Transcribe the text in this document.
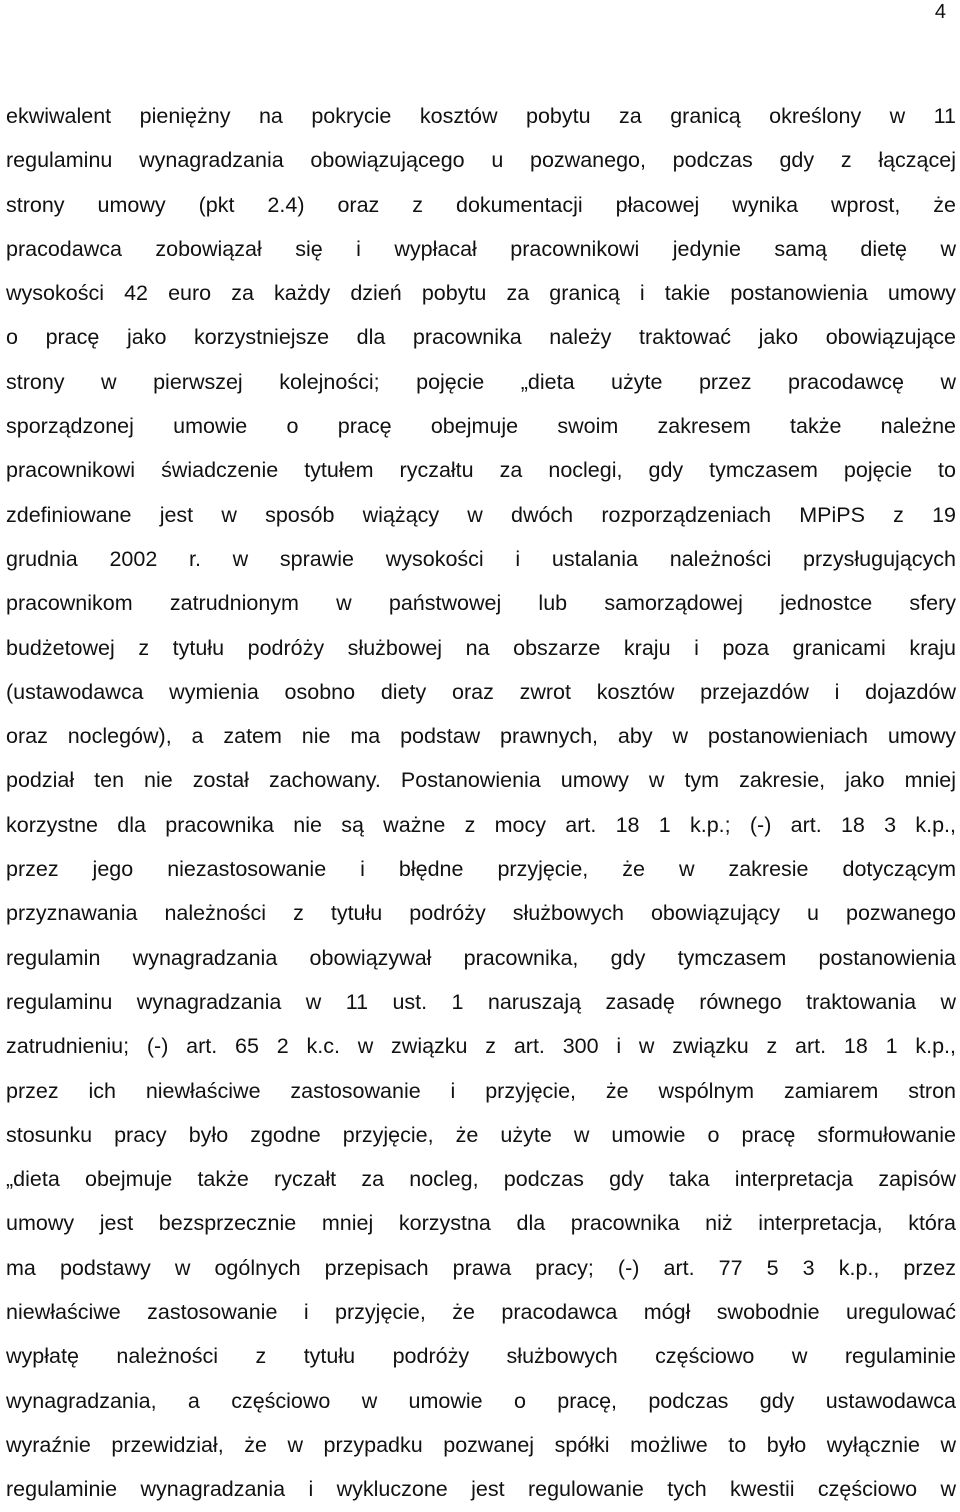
4
ekwiwalent pieniężny na pokrycie kosztów pobytu za granicą określony w 11
regulaminu wynagradzania obowiązującego u pozwanego, podczas gdy z łączącej
strony umowy (pkt 2.4) oraz z dokumentacji płacowej wynika wprost, że
pracodawca zobowiązał się i wypłacał pracownikowi jedynie samą dietę w
wysokości 42 euro za każdy dzień pobytu za granicą i takie postanowienia umowy
o pracę jako korzystniejsze dla pracownika należy traktować jako obowiązujące
strony w pierwszej kolejności; pojęcie „dieta użyte przez pracodawcę w
sporządzonej umowie o pracę obejmuje swoim zakresem także należne
pracownikowi świadczenie tytułem ryczałtu za noclegi, gdy tymczasem pojęcie to
zdefiniowane jest w sposób wiążący w dwóch rozporządzeniach MPiPS z 19
grudnia 2002 r. w sprawie wysokości i ustalania należności przysługujących
pracownikom zatrudnionym w państwowej lub samorządowej jednostce sfery
budżetowej z tytułu podróży służbowej na obszarze kraju i poza granicami kraju
(ustawodawca wymienia osobno diety oraz zwrot kosztów przejazdów i dojazdów
oraz noclegów), a zatem nie ma podstaw prawnych, aby w postanowieniach umowy
podział ten nie został zachowany. Postanowienia umowy w tym zakresie, jako mniej
korzystne dla pracownika nie są ważne z mocy art. 18 1 k.p.; (-) art. 18 3 k.p.,
przez jego niezastosowanie i błędne przyjęcie, że w zakresie dotyczącym
przyznawania należności z tytułu podróży służbowych obowiązujący u pozwanego
regulamin wynagradzania obowiązywał pracownika, gdy tymczasem postanowienia
regulaminu wynagradzania w 11 ust. 1 naruszają zasadę równego traktowania w
zatrudnieniu; (-) art. 65 2 k.c. w związku z art. 300 i w związku z art. 18 1 k.p.,
przez ich niewłaściwe zastosowanie i przyjęcie, że wspólnym zamiarem stron
stosunku pracy było zgodne przyjęcie, że użyte w umowie o pracę sformułowanie
„dieta obejmuje także ryczałt za nocleg, podczas gdy taka interpretacja zapisów
umowy jest bezsprzecznie mniej korzystna dla pracownika niż interpretacja, która
ma podstawy w ogólnych przepisach prawa pracy; (-) art. 77 5 3 k.p., przez
niewłaściwe zastosowanie i przyjęcie, że pracodawca mógł swobodnie uregulować
wypłatę należności z tytułu podróży służbowych częściowo w regulaminie
wynagradzania, a częściowo w umowie o pracę, podczas gdy ustawodawca
wyraźnie przewidział, że w przypadku pozwanej spółki możliwe to było wyłącznie w
regulaminie wynagradzania i wykluczone jest regulowanie tych kwestii częściowo w
